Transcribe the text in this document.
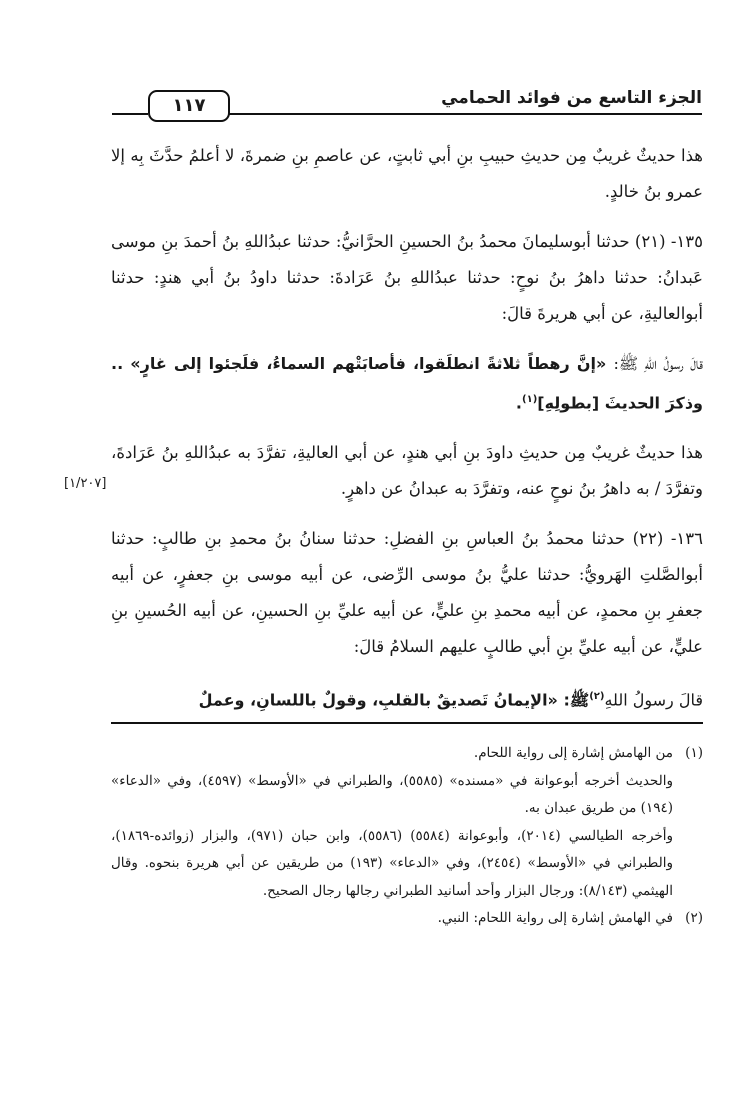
الجزء التاسع من فوائد الحمامي
١١٧
[١/٢٠٧]

هذا حديثٌ غريبٌ مِن حديثِ حبيبِ بنِ أبي ثابتٍ، عن عاصمِ بنِ ضمرةَ، لا أعلمُ حدَّثَ بِه إلا عمرو بنُ خالدٍ.

١٣٥- (٢١) حدثنا أبوسليمانَ محمدُ بنُ الحسينِ الحرَّانيُّ: حدثنا عبدُاللهِ بنُ أحمدَ بنِ موسى عَبدانُ: حدثنا داهرُ بنُ نوحٍ: حدثنا عبدُاللهِ بنُ عَرَادةَ: حدثنا داودُ بنُ أبي هندٍ: حدثنا أبوالعاليةِ، عن أبي هريرةَ قالَ:

قالَ رسولُ اللهِ ﷺ: «إنَّ رهطاً ثلاثةً انطلَقوا، فأصابَتْهم السماءُ، فلَجئوا إلى غارٍ» .. وذكرَ الحديثَ [بطولِهِ]$^{(١)}$.

هذا حديثٌ غريبٌ مِن حديثِ داودَ بنِ أبي هندٍ، عن أبي العاليةِ، تفرَّدَ به عبدُاللهِ بنُ عَرَادةَ، وتفرَّدَ / به داهرُ بنُ نوحٍ عنه، وتفرَّدَ به عبدانُ عن داهرٍ.

١٣٦- (٢٢) حدثنا محمدُ بنُ العباسِ بنِ الفضلِ: حدثنا سنانُ بنُ محمدِ بنِ طالبٍ: حدثنا أبوالصَّلتِ الهَرويُّ: حدثنا عليُّ بنُ موسى الرِّضى، عن أبيه موسى بنِ جعفرٍ، عن أبيه جعفرِ بنِ محمدٍ، عن أبيه محمدِ بنِ عليٍّ، عن أبيه عليِّ بنِ الحسينِ، عن أبيه الحُسينِ بنِ عليٍّ، عن أبيه عليِّ بنِ أبي طالبٍ عليهم السلامُ قالَ:

قالَ رسولُ اللهِ$^{(٢)}$ﷺ: «الإيمانُ تَصديقٌ بالقلبِ، وقولٌ باللسانِ، وعملٌ

(١)من الهامش إشارة إلى رواية اللحام.

والحديث أخرجه أبوعوانة في «مسنده» (٥٥٨٥)، والطبراني في «الأوسط» (٤٥٩٧)، وفي «الدعاء» (١٩٤) من طريق عبدان به.

وأخرجه الطيالسي (٢٠١٤)، وأبوعوانة (٥٥٨٤) (٥٥٨٦)، وابن حبان (٩٧١)، والبزار (زوائده-١٨٦٩)، والطبراني في «الأوسط» (٢٤٥٤)، وفي «الدعاء» (١٩٣) من طريقين عن أبي هريرة بنحوه. وقال الهيثمي (٨/١٤٣): ورجال البزار وأحد أسانيد الطبراني رجالها رجال الصحيح.

(٢)في الهامش إشارة إلى رواية اللحام: النبي.
